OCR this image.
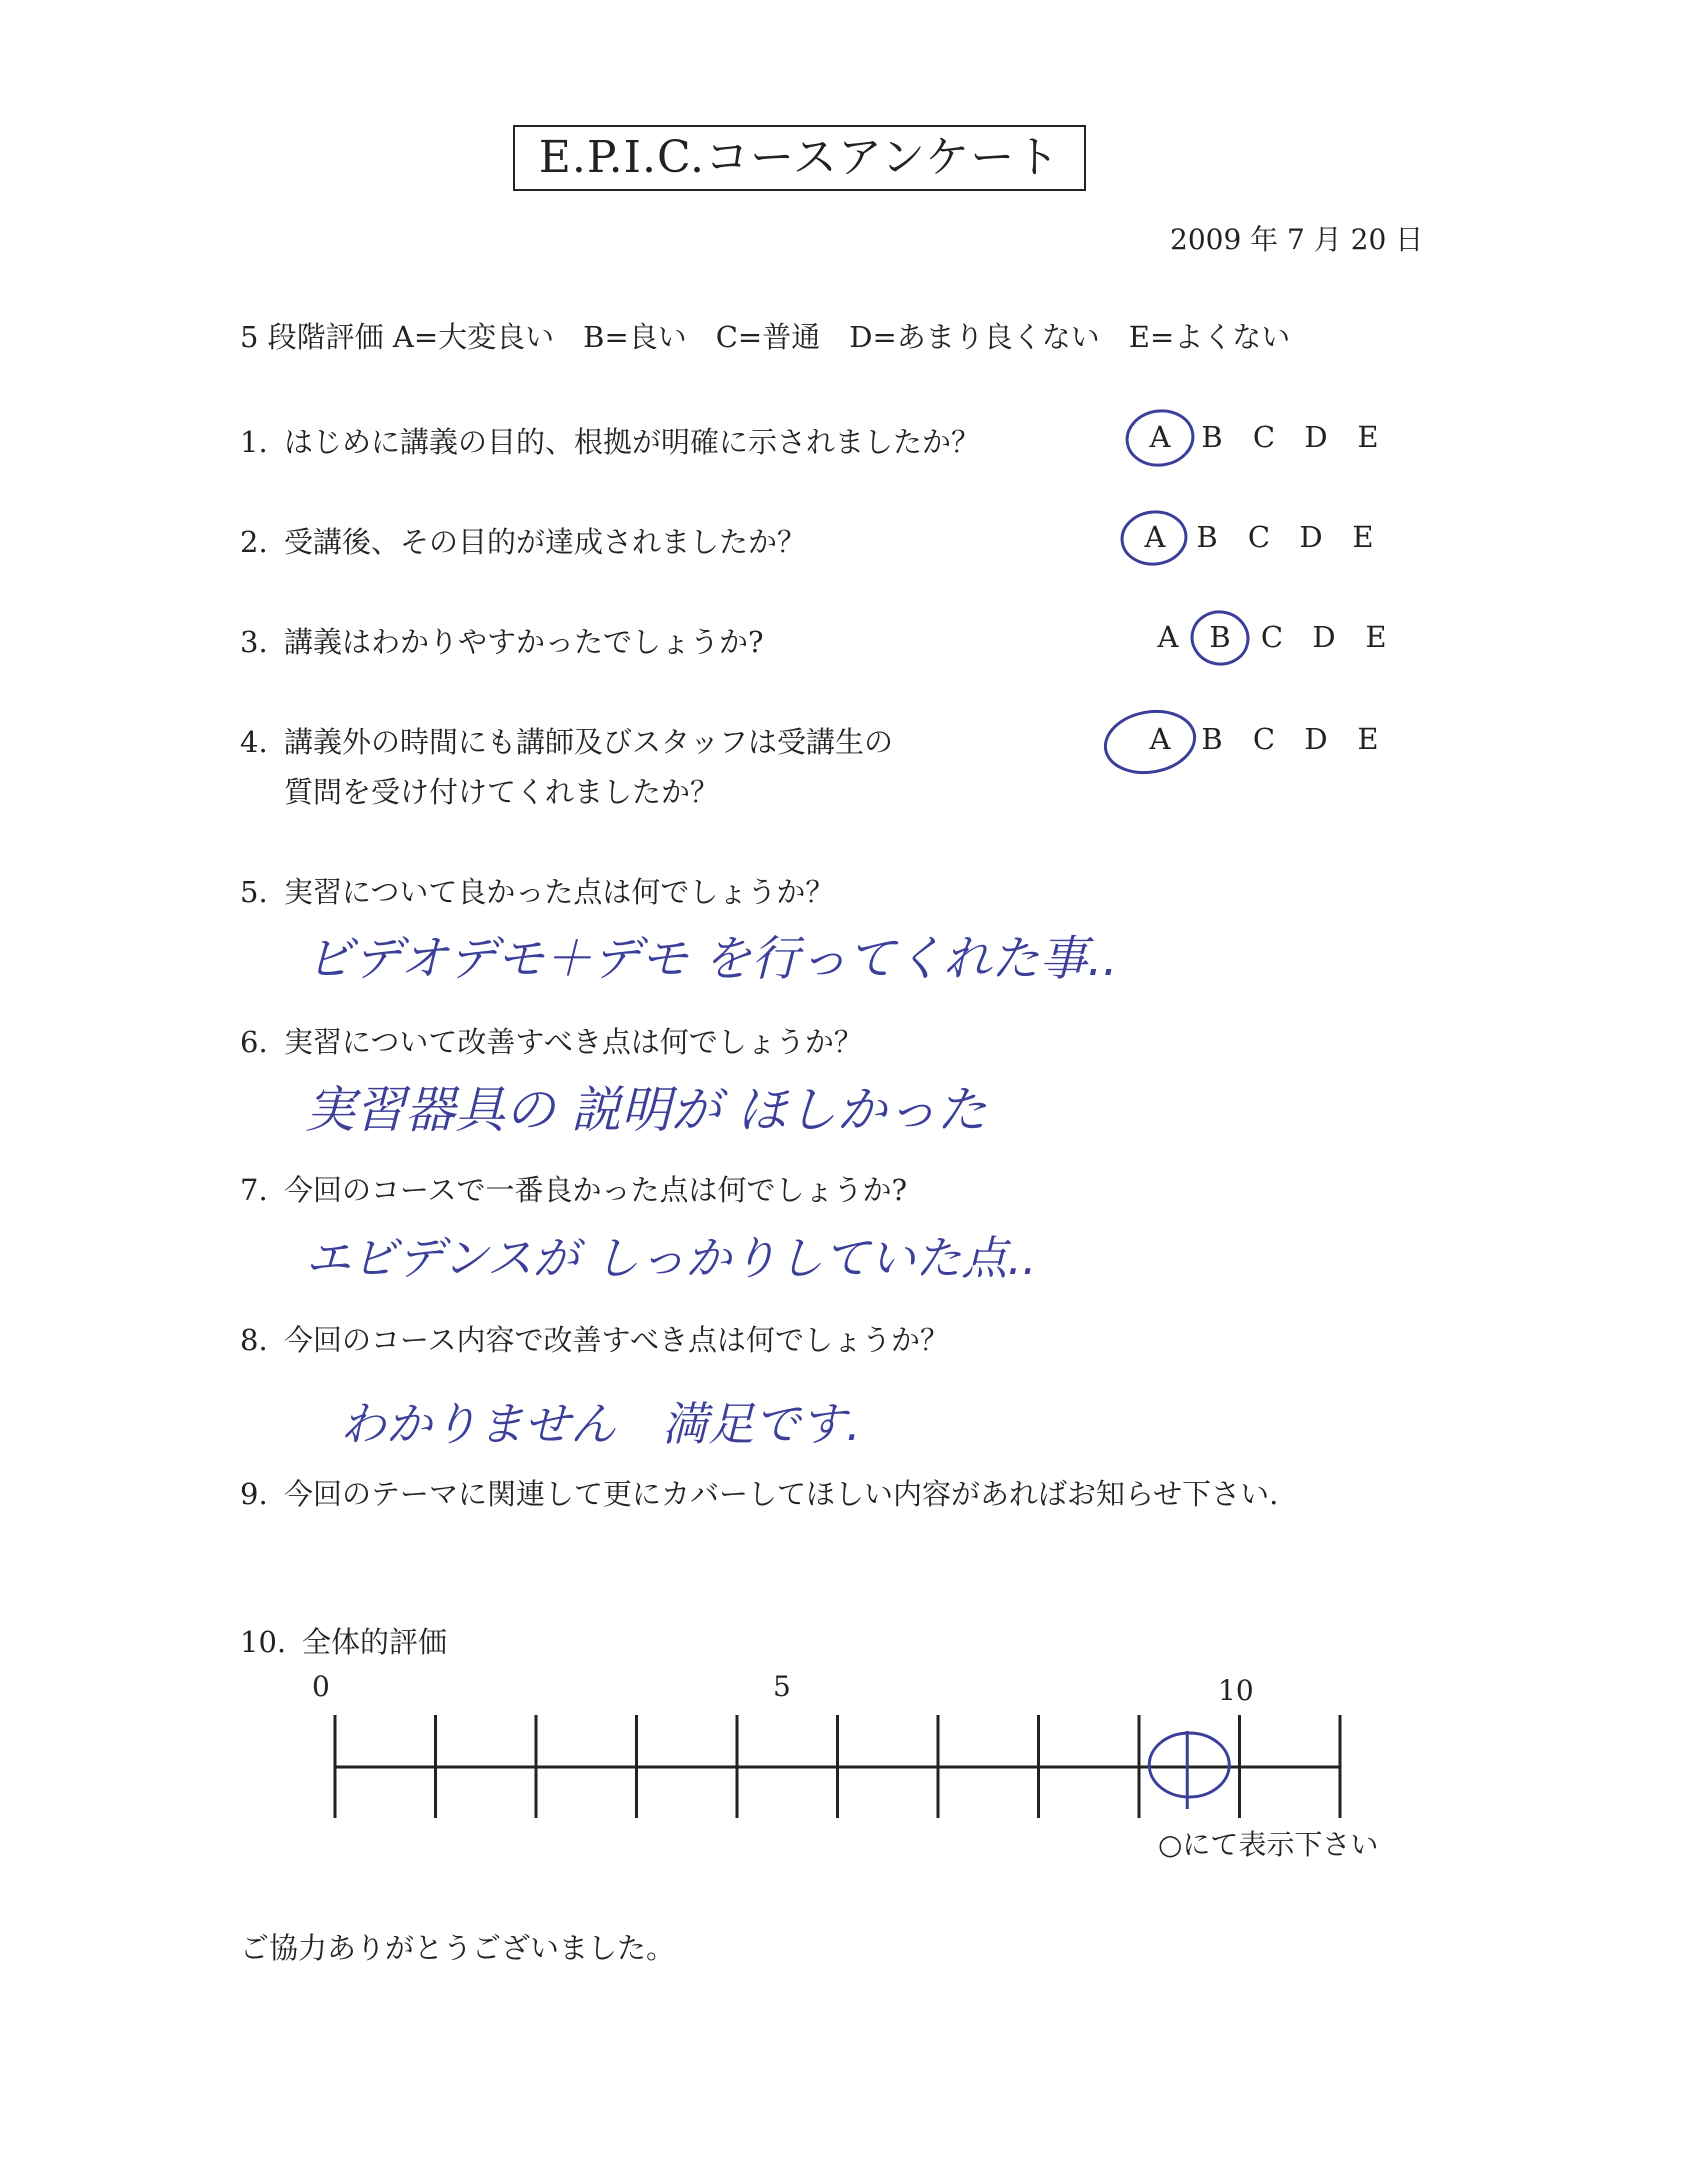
E.P.I.C.コースアンケート
2009 年 7 月 20 日
5 段階評価 A=大変良い　B=良い　C=普通　D=あまり良くない　E=よくない
1. はじめに講義の目的、根拠が明確に示されましたか？	A	B	C	D	E
2. 受講後、その目的が達成されましたか？	A	B	C	D	E
3. 講義はわかりやすかったでしょうか?	A	B	C	D	E
4. 講義外の時間にも講師及びスタッフは受講生の
質問を受け付けてくれましたか？
A	B	C	D	E
5. 実習について良かった点は何でしょうか？
ビデオデモ＋デモ を行ってくれた事..
6. 実習について改善すべき点は何でしょうか？
実習器具の 説明が ほしかった
7. 今回のコースで一番良かった点は何でしょうか?
エビデンスが しっかりしていた点..
8. 今回のコース内容で改善すべき点は何でしょうか？
わかりません　満足です.
9. 今回のテーマに関連して更にカバーしてほしい内容があればお知らせ下さい.
10. 全体的評価
0	5	10
○にて表示下さい
ご協力ありがとうございました。
